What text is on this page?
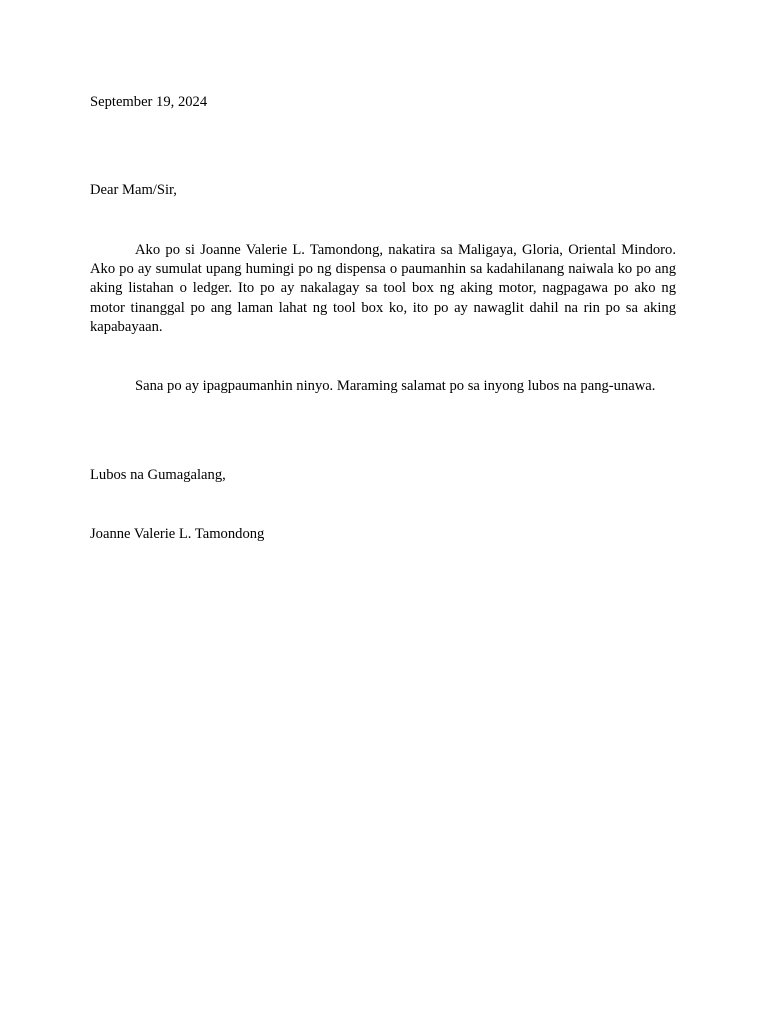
September 19, 2024
Dear Mam/Sir,
Ako po si Joanne Valerie L. Tamondong, nakatira sa Maligaya, Gloria, Oriental Mindoro. Ako po ay sumulat upang humingi po ng dispensa o paumanhin sa kadahilanang naiwala ko po ang aking listahan o ledger. Ito po ay nakalagay sa tool box ng aking motor, nagpagawa po ako ng motor tinanggal po ang laman lahat ng tool box ko, ito po ay nawaglit dahil na rin po sa aking kapabayaan.
Sana po ay ipagpaumanhin ninyo. Maraming salamat po sa inyong lubos na pang-unawa.
Lubos na Gumagalang,
Joanne Valerie L. Tamondong
